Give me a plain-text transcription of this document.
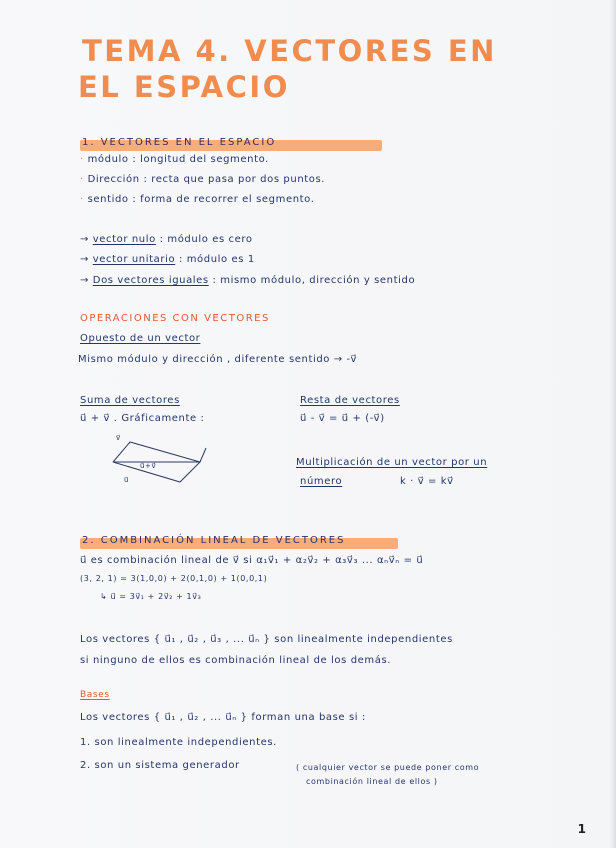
TEMA 4. VECTORES EN
EL ESPACIO
1. VECTORES EN EL ESPACIO
· módulo : longitud del segmento.
· Dirección : recta que pasa por dos puntos.
· sentido : forma de recorrer el segmento.
→ vector nulo : módulo es cero
→ vector unitario : módulo es 1
→ Dos vectores iguales : mismo módulo, dirección y sentido
OPERACIONES CON VECTORES
Opuesto de un vector
Mismo módulo y dirección , diferente sentido → -v⃗
Suma de vectores
u⃗ + v⃗ . Gráficamente :
Resta de vectores
u⃗ - v⃗ = u⃗ + (-v⃗)
v⃗
u⃗+v⃗
u⃗
Multiplicación de un vector por un
número	k · v⃗ = kv⃗
2. COMBINACIÓN LINEAL DE VECTORES
u⃗ es combinación lineal de v⃗ si α₁v⃗₁ + α₂v⃗₂ + α₃v⃗₃ ... αₙv⃗ₙ = u⃗
(3, 2, 1) = 3(1,0,0) + 2(0,1,0) + 1(0,0,1)
↳ u⃗ = 3v⃗₁ + 2v⃗₂ + 1v⃗₃
Los vectores { u⃗₁ , u⃗₂ , u⃗₃ , ... u⃗ₙ } son linealmente independientes
si ninguno de ellos es combinación lineal de los demás.
Bases
Los vectores { u⃗₁ , u⃗₂ , ... u⃗ₙ } forman una base si :
1. son linealmente independientes.
2. son un sistema generador	( cualquier vector se puede poner como
combinación lineal de ellos )
1
